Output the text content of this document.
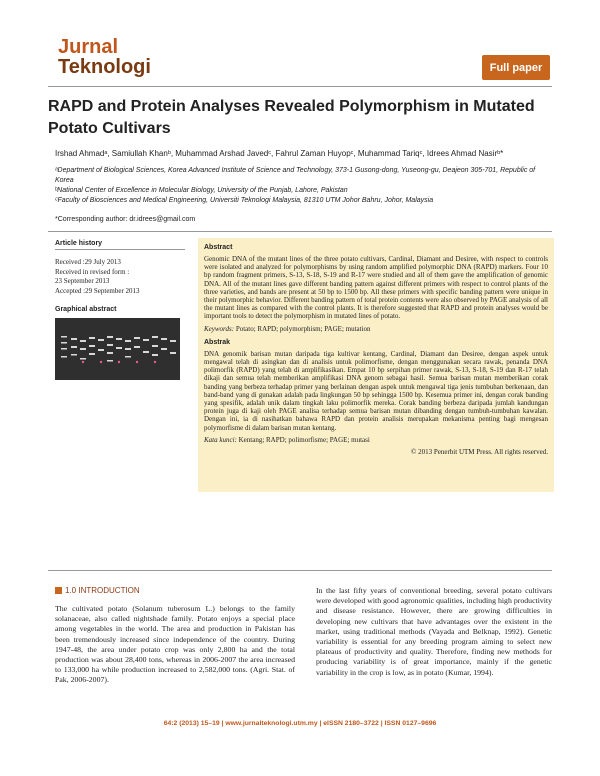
Jurnal
Teknologi	Full paper
RAPD and Protein Analyses Revealed Polymorphism in Mutated Potato Cultivars
Irshad Ahmadᵃ, Samiullah Khanᵇ, Muhammad Arshad Javedᶜ, Fahrul Zaman Huyopᶜ, Muhammad Tariqᶜ, Idrees Ahmad Nasirᵇ*
ᵃDepartment of Biological Sciences, Korea Advanced Institute of Science and Technology, 373-1 Gusong-dong, Yuseong-gu, Deajeon 305-701, Republic of Korea
ᵇNational Center of Excellence in Molecular Biology, University of the Punjab, Lahore, Pakistan
ᶜFaculty of Biosciences and Medical Engineering, Universiti Teknologi Malaysia, 81310 UTM Johor Bahru, Johor, Malaysia
*Corresponding author: dr.idrees@gmail.com
Article history
Received :29 July 2013
Received in revised form :
23 September 2013
Accepted :29 September 2013
Graphical abstract
Abstract
Genomic DNA of the mutant lines of the three potato cultivars, Cardinal, Diamant and Desiree, with respect to controls were isolated and analyzed for polymorphisms by using random amplified polymorphic DNA (RAPD) markers. Four 10 bp random fragment primers, S-13, S-18, S-19 and R-17 were studied and all of them gave the amplification of genomic DNA. All of the mutant lines gave different banding pattern against different primers with respect to control plants of the three varieties, and bands are present at 50 bp to 1500 bp. All these primers with specific banding pattern were unique in their polymorphic behavior. Different banding pattern of total protein contents were also observed by PAGE analysis of all the mutant lines as compared with the control plants. It is therefore suggested that RAPD and protein analyses would be important tools to detect the polymorphism in mutated lines of potato.
Keywords: Potato; RAPD; polymorphism; PAGE; mutation
Abstrak
DNA genomik barisan mutan daripada tiga kultivar kentang, Cardinal, Diamant dan Desiree, dengan aspek untuk mengawal telah di asingkan dan di analisis untuk polimorfisme, dengan menggunakan secara rawak, penanda DNA polimorfik (RAPD) yang telah di amplifikasikan. Empat 10 bp serpihan primer rawak, S-13, S-18, S-19 dan R-17 telah dikaji dan semua telah memberikan amplifikasi DNA genom sebagai hasil. Semua barisan mutan memberikan corak banding yang berbeza terhadap primer yang berlainan dengan aspek untuk mengawal tiga jenis tumbuhan berkenaan, dan band-band yang di gunakan adalah pada lingkungan 50 bp sehingga 1500 bp. Kesemua primer ini, dengan corak banding yang spesifik, adalah unik dalam tingkah laku polimorfik mereka. Corak banding berbeza daripada jumlah kandungan protein juga di kaji oleh PAGE analisa terhadap semua barisan mutan dibanding dengan tumbuh-tumbuhan kawalan. Dengan ini, ia di nasihatkan bahawa RAPD dan protein analisis merupakan mekanisma penting bagi mengesan polymorfisme di dalam barisan mutan kentang.
Kata kunci: Kentang; RAPD; polimorfisme; PAGE; mutasi
© 2013 Penerbit UTM Press. All rights reserved.
1.0 INTRODUCTION
The cultivated potato (Solanum tuberosum L.) belongs to the family solanaceae, also called nightshade family. Potato enjoys a special place among vegetables in the world. The area and production in Pakistan has been tremendously increased since independence of the country. During 1947-48, the area under potato crop was only 2,800 ha and the total production was about 28,400 tons, whereas in 2006-2007 the area increased to 133,000 ha while production increased to 2,582,000 tons. (Agri. Stat. of Pak, 2006-2007).
In the last fifty years of conventional breeding, several potato cultivars were developed with good agronomic qualities, including high productivity and disease resistance. However, there are growing difficulties in developing new cultivars that have advantages over the existent in the market, using traditional methods (Vayada and Belknap, 1992). Genetic variability is essential for any breeding program aiming to select new plateaus of productivity and quality. Therefore, finding new methods for producing variability is of great importance, mainly if the genetic variability in the crop is low, as in potato (Kumar, 1994).
64:2 (2013) 15–19 | www.jurnalteknologi.utm.my | eISSN 2180–3722 | ISSN 0127–9696
